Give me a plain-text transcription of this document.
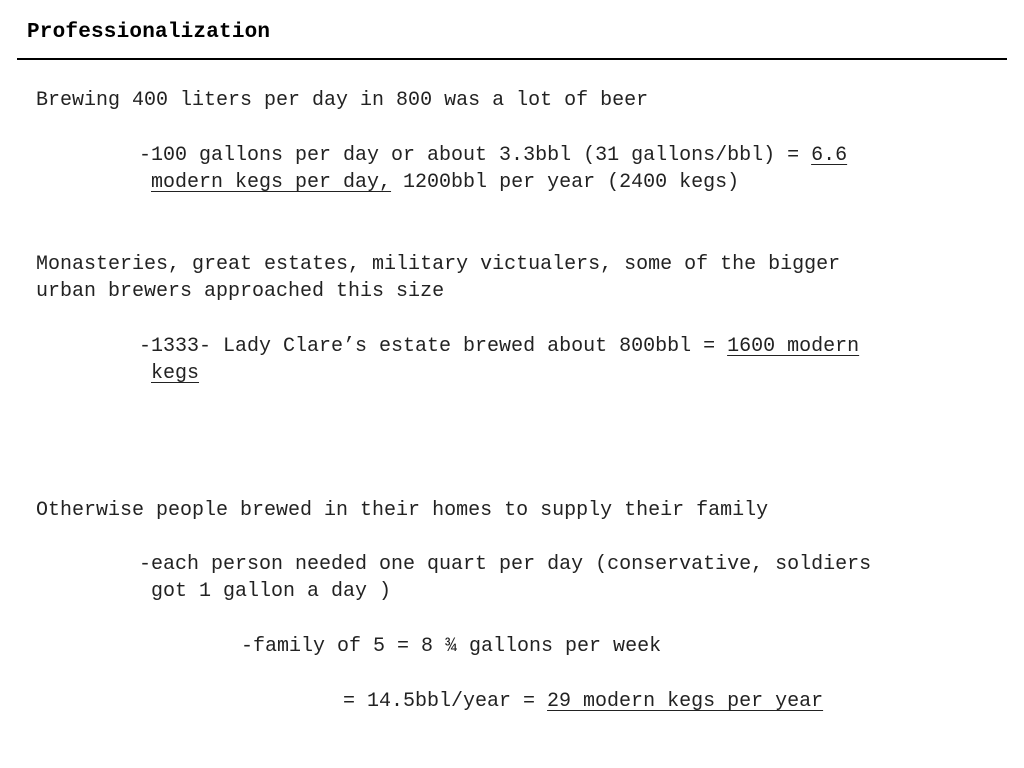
Professionalization
Brewing 400 liters per day in 800 was a lot of beer
-100 gallons per day or about 3.3bbl (31 gallons/bbl) = 6.6
modern kegs per day, 1200bbl per year (2400 kegs)
Monasteries, great estates, military victualers, some of the bigger
urban brewers approached this size
-1333- Lady Clare’s estate brewed about 800bbl = 1600 modern
kegs
Otherwise people brewed in their homes to supply their family
-each person needed one quart per day (conservative, soldiers
got 1 gallon a day )
-family of 5 = 8 ¾ gallons per week
= 14.5bbl/year = 29 modern kegs per year
